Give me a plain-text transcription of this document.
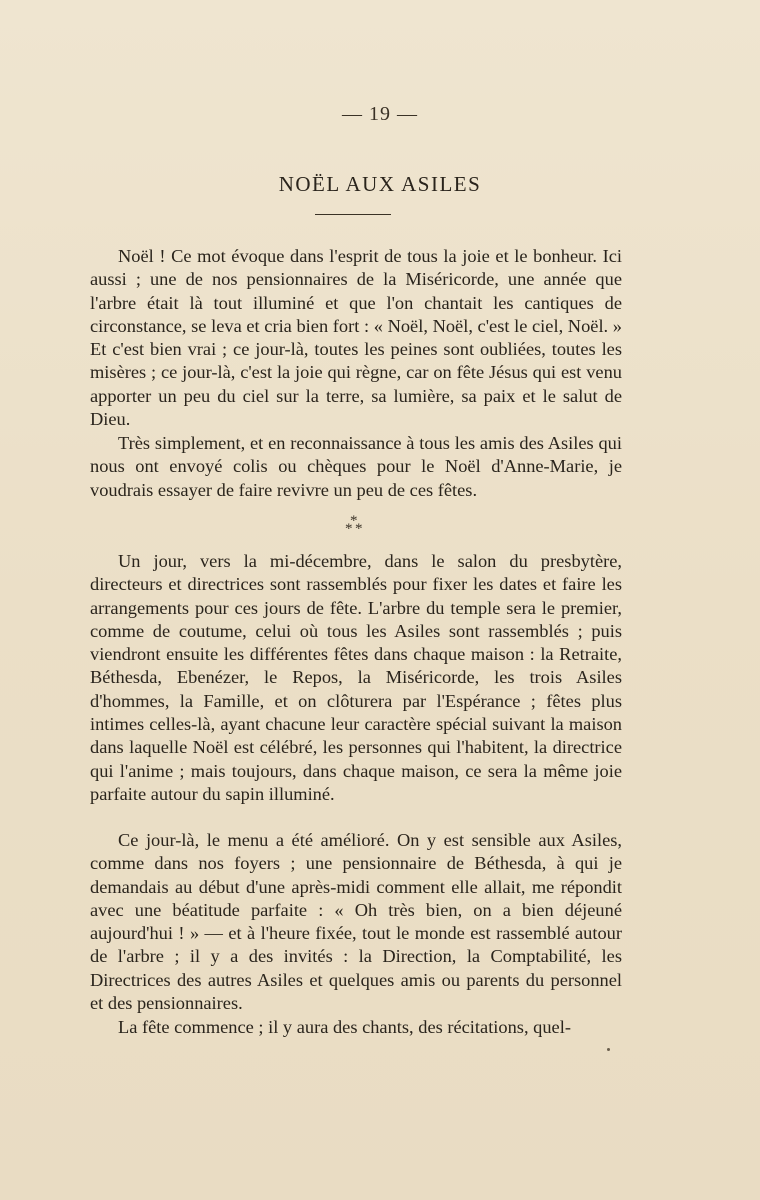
— 19 —
NOËL AUX ASILES

Noël ! Ce mot évoque dans l'esprit de tous la joie et le bonheur. Ici aussi ; une de nos pensionnaires de la Miséricorde, une année que l'arbre était là tout illuminé et que l'on chantait les cantiques de circonstance, se leva et cria bien fort : « Noël, Noël, c'est le ciel, Noël. » Et c'est bien vrai ; ce jour-là, toutes les peines sont oubliées, toutes les misères ; ce jour-là, c'est la joie qui règne, car on fête Jésus qui est venu apporter un peu du ciel sur la terre, sa lumière, sa paix et le salut de Dieu.

Très simplement, et en reconnaissance à tous les amis des Asiles qui nous ont envoyé colis ou chèques pour le Noël d'Anne-Marie, je voudrais essayer de faire revivre un peu de ces fêtes.

*
* *

Un jour, vers la mi-décembre, dans le salon du presbytère, directeurs et directrices sont rassemblés pour fixer les dates et faire les arrangements pour ces jours de fête. L'arbre du temple sera le premier, comme de coutume, celui où tous les Asiles sont rassemblés ; puis viendront ensuite les différentes fêtes dans chaque maison : la Retraite, Béthesda, Ebenézer, le Repos, la Miséricorde, les trois Asiles d'hommes, la Famille, et on clôturera par l'Espérance ; fêtes plus intimes celles-là, ayant chacune leur caractère spécial suivant la maison dans laquelle Noël est célébré, les personnes qui l'habitent, la directrice qui l'anime ; mais toujours, dans chaque maison, ce sera la même joie parfaite autour du sapin illuminé.

Ce jour-là, le menu a été amélioré. On y est sensible aux Asiles, comme dans nos foyers ; une pensionnaire de Béthesda, à qui je demandais au début d'une après-midi comment elle allait, me répondit avec une béatitude parfaite : « Oh très bien, on a bien déjeuné aujourd'hui ! » — et à l'heure fixée, tout le monde est rassemblé autour de l'arbre ; il y a des invités : la Direction, la Comptabilité, les Directrices des autres Asiles et quelques amis ou parents du personnel et des pensionnaires.

La fête commence ; il y aura des chants, des récitations, quel-
